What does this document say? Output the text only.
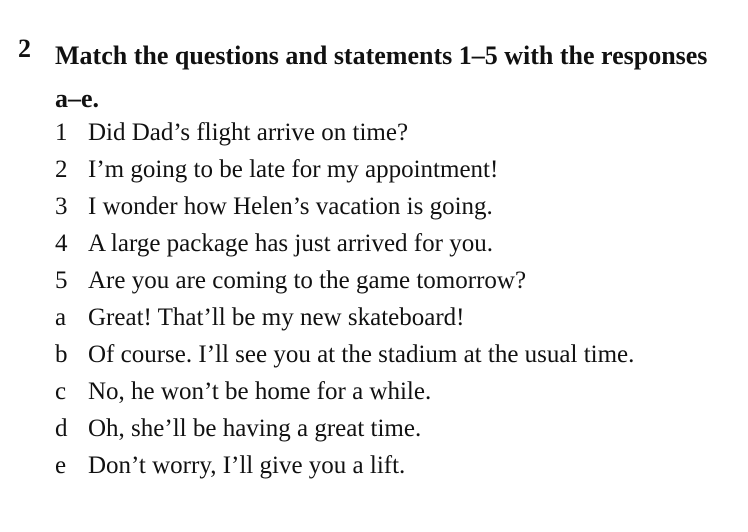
2 Match the questions and statements 1–5 with the responses a–e.
1 Did Dad’s flight arrive on time?
2 I’m going to be late for my appointment!
3 I wonder how Helen’s vacation is going.
4 A large package has just arrived for you.
5 Are you are coming to the game tomorrow?
a Great! That’ll be my new skateboard!
b Of course. I’ll see you at the stadium at the usual time.
c No, he won’t be home for a while.
d Oh, she’ll be having a great time.
e Don’t worry, I’ll give you a lift.
